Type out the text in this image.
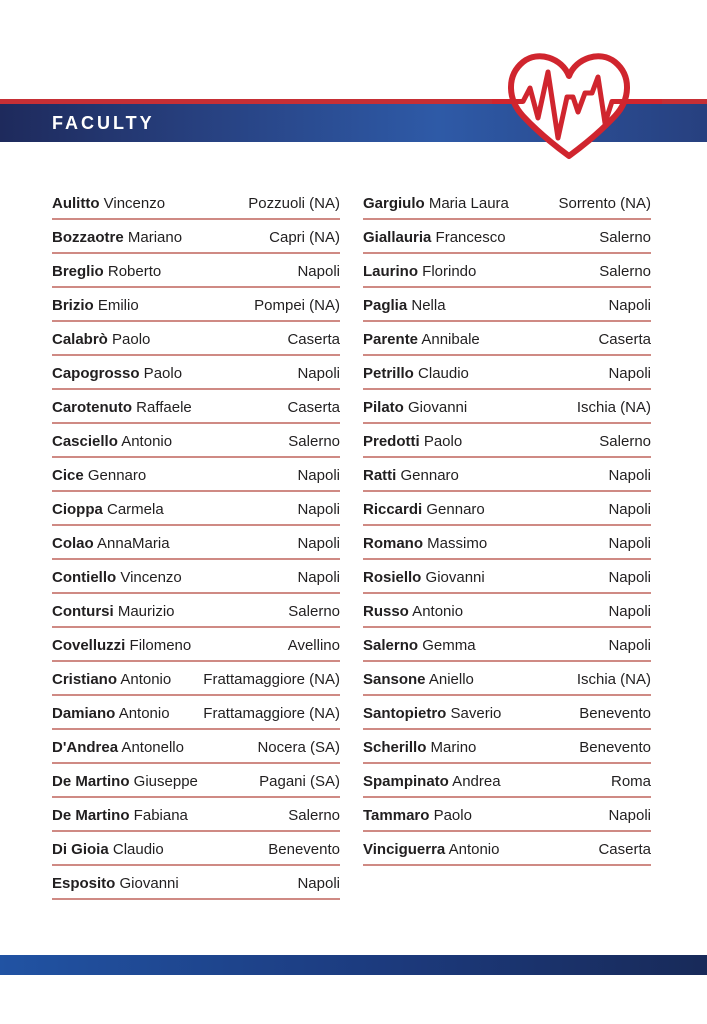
FACULTY
Aulitto Vincenzo	Pozzuoli (NA)
Bozzaotre Mariano	Capri (NA)
Breglio Roberto	Napoli
Brizio Emilio	Pompei (NA)
Calabrò Paolo	Caserta
Capogrosso Paolo	Napoli
Carotenuto Raffaele	Caserta
Casciello Antonio	Salerno
Cice Gennaro	Napoli
Cioppa Carmela	Napoli
Colao AnnaMaria	Napoli
Contiello Vincenzo	Napoli
Contursi Maurizio	Salerno
Covelluzzi Filomeno	Avellino
Cristiano Antonio Frattamaggiore (NA)
Damiano Antonio Frattamaggiore (NA)
D'Andrea Antonello	Nocera (SA)
De Martino Giuseppe	Pagani (SA)
De Martino Fabiana	Salerno
Di Gioia Claudio	Benevento
Esposito Giovanni	Napoli
Gargiulo Maria Laura	Sorrento (NA)
Giallauria Francesco	Salerno
Laurino Florindo	Salerno
Paglia Nella	Napoli
Parente Annibale	Caserta
Petrillo Claudio	Napoli
Pilato Giovanni	Ischia (NA)
Predotti Paolo	Salerno
Ratti Gennaro	Napoli
Riccardi Gennaro	Napoli
Romano Massimo	Napoli
Rosiello Giovanni	Napoli
Russo Antonio	Napoli
Salerno Gemma	Napoli
Sansone Aniello	Ischia (NA)
Santopietro Saverio	Benevento
Scherillo Marino	Benevento
Spampinato Andrea	Roma
Tammaro Paolo	Napoli
Vinciguerra Antonio	Caserta
